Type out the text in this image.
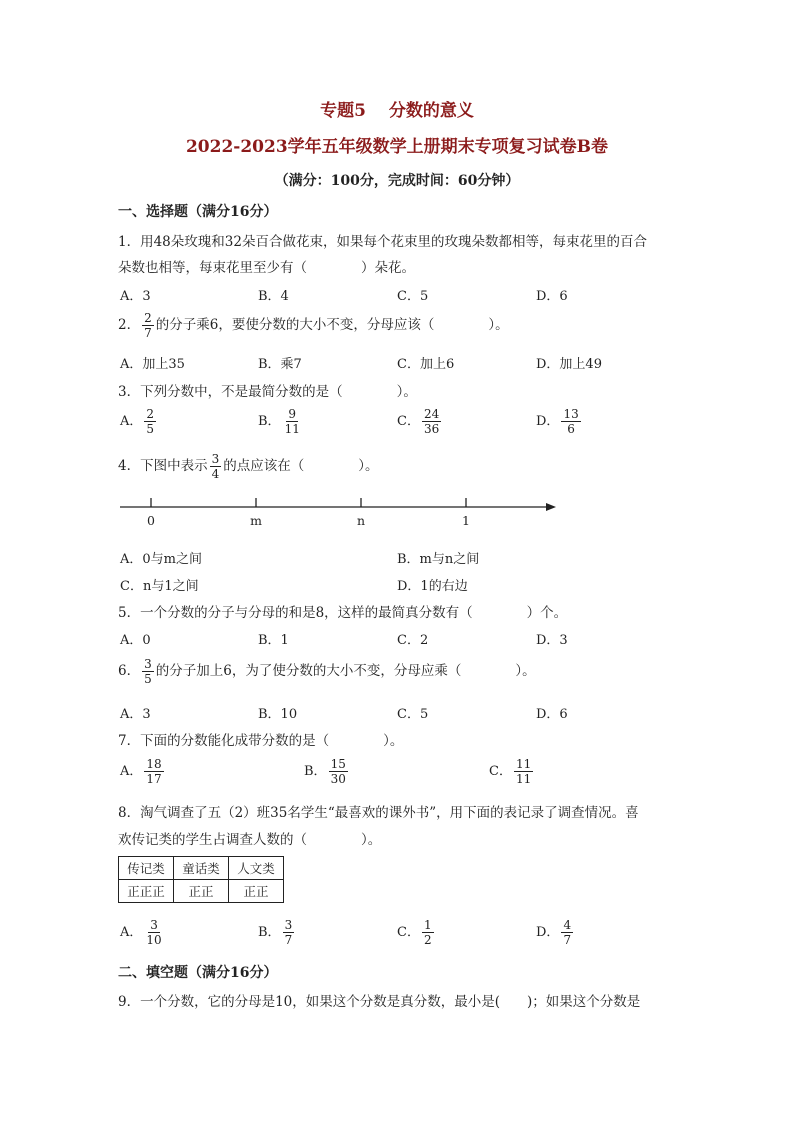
专题5　 分数的意义
2022-2023学年五年级数学上册期末专项复习试卷B卷
（满分：100分，完成时间：60分钟）
一、选择题（满分16分）
1．用48朵玫瑰和32朵百合做花束，如果每个花束里的玫瑰朵数都相等，每束花里的百合
朵数也相等，每束花里至少有（　　　　）朵花。
A．3	B．4	C．5	D．6
2． $\frac{2}{7}$ 的分子乘6，要使分数的大小不变，分母应该（　　　　）。
A．加上35	B．乘7	C．加上6	D．加上49
3．下列分数中，不是最简分数的是（　　　　）。
A． $\frac{2}{5}$	B． $\frac{9}{11}$	C． $\frac{24}{36}$	D． $\frac{13}{6}$
4．下图中表示 $\frac{3}{4}$ 的点应该在（　　　　）。
0	m	n	1
A．0与m之间	B．m与n之间
C．n与1之间	D．1的右边
5．一个分数的分子与分母的和是8，这样的最简真分数有（　　　　）个。
A．0	B．1	C．2	D．3
6． $\frac{3}{5}$ 的分子加上6，为了使分数的大小不变，分母应乘（　　　　）。
A．3	B．10	C．5	D．6
7．下面的分数能化成带分数的是（　　　　）。
A． $\frac{18}{17}$	B． $\frac{15}{30}$	C． $\frac{11}{11}$
8．淘气调查了五（2）班35名学生“最喜欢的课外书”，用下面的表记录了调查情况。喜
欢传记类的学生占调查人数的（　　　　）。
传记类	童话类	人文类
正正正	正正	正正
A． $\frac{3}{10}$	B． $\frac{3}{7}$	C． $\frac{1}{2}$	D． $\frac{4}{7}$
二、填空题（满分16分）
9．一个分数，它的分母是10，如果这个分数是真分数，最小是(　　)；如果这个分数是
